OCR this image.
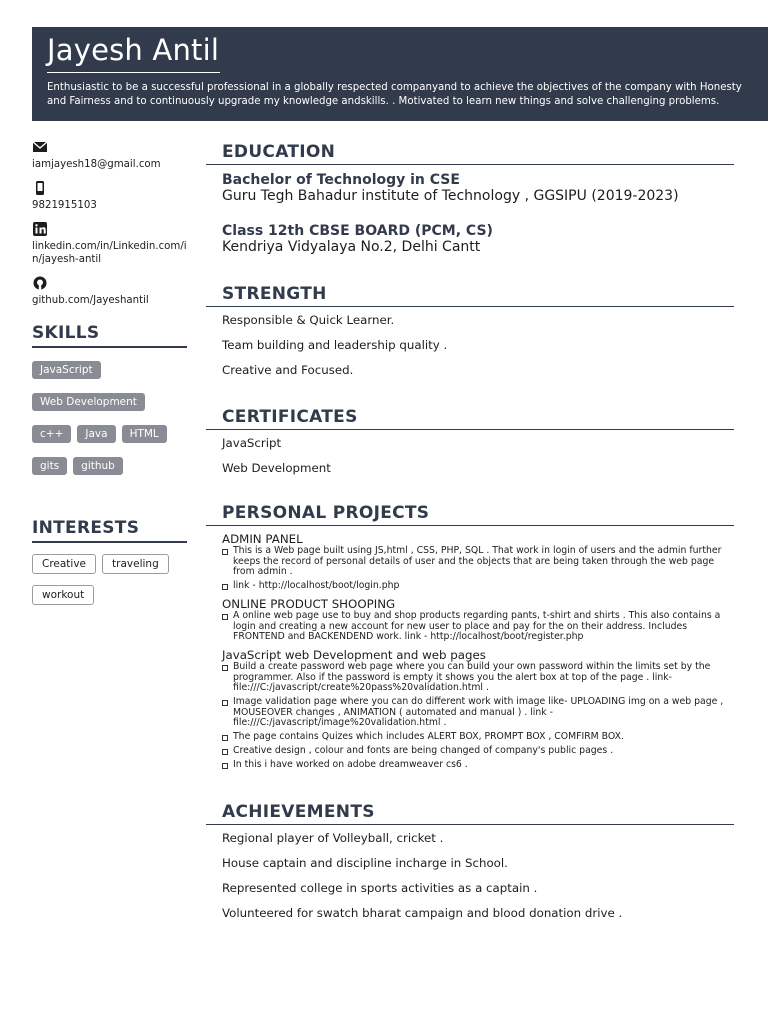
Jayesh Antil
Enthusiastic to be a successful professional in a globally respected companyand to achieve the objectives of the company with Honesty and Fairness and to continuously upgrade my knowledge andskills. . Motivated to learn new things and solve challenging problems.
iamjayesh18@gmail.com
9821915103
linkedin.com/in/Linkedin.com/in/jayesh-antil
github.com/Jayeshantil
SKILLS
JavaScript
Web Development
c++ Java HTML
gits github
INTERESTS
Creative traveling
workout
EDUCATION
Bachelor of Technology in CSE
Guru Tegh Bahadur institute of Technology , GGSIPU (2019-2023)
Class 12th CBSE BOARD (PCM, CS)
Kendriya Vidyalaya No.2, Delhi Cantt
STRENGTH
Responsible & Quick Learner.
Team building and leadership quality .
Creative and Focused.
CERTIFICATES
JavaScript
Web Development
PERSONAL PROJECTS
ADMIN PANEL
This is a Web page built using JS,html , CSS, PHP, SQL . That work in login of users and the admin further keeps the record of personal details of user and the objects that are being taken through the web page from admin .
link - http://localhost/boot/login.php
ONLINE PRODUCT SHOOPING
A online web page use to buy and shop products regarding pants, t-shirt and shirts . This also contains a login and creating a new account for new user to place and pay for the on their address. Includes FRONTEND and BACKENDEND work. link - http://localhost/boot/register.php
JavaScript web Development and web pages
Build a create password web page where you can build your own password within the limits set by the programmer. Also if the password is empty it shows you the alert box at top of the page . link- file:///C:/javascript/create%20pass%20validation.html .
Image validation page where you can do different work with image like- UPLOADING img on a web page , MOUSEOVER changes , ANIMATION ( automated and manual ) . link - file:///C:/javascript/image%20validation.html .
The page contains Quizes which includes ALERT BOX, PROMPT BOX , COMFIRM BOX.
Creative design , colour and fonts are being changed of company's public pages .
In this i have worked on adobe dreamweaver cs6 .
ACHIEVEMENTS
Regional player of Volleyball, cricket .
House captain and discipline incharge in School.
Represented college in sports activities as a captain .
Volunteered for swatch bharat campaign and blood donation drive .
